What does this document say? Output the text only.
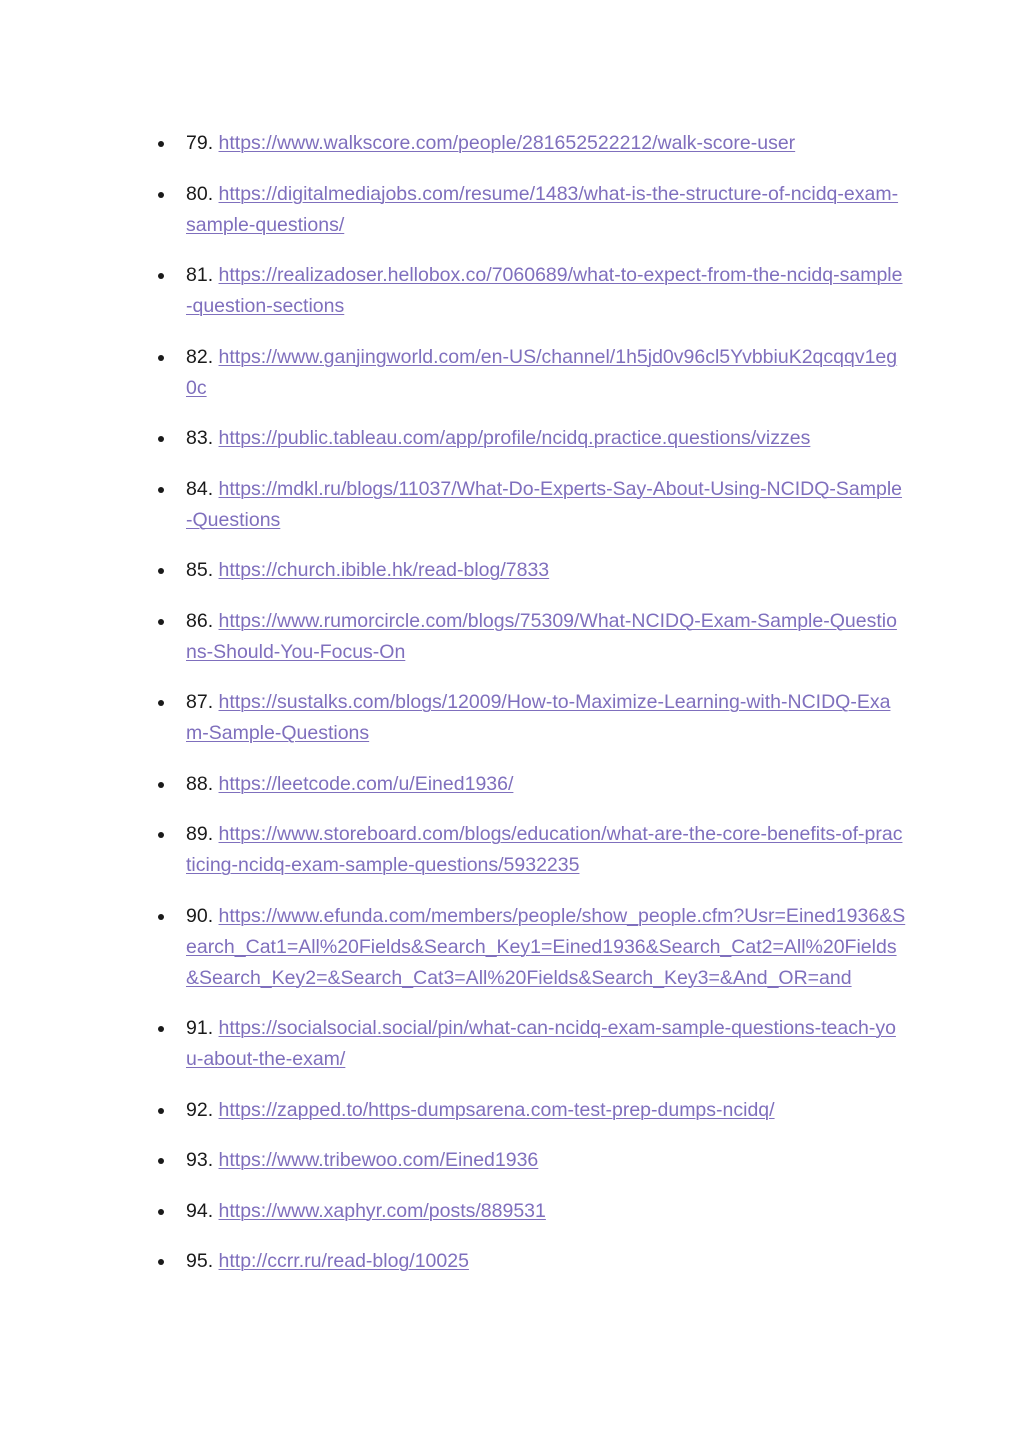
79. https://www.walkscore.com/people/281652522212/walk-score-user
80. https://digitalmediajobs.com/resume/1483/what-is-the-structure-of-ncidq-exam-sample-questions/
81. https://realizadoser.hellobox.co/7060689/what-to-expect-from-the-ncidq-sample-question-sections
82. https://www.ganjingworld.com/en-US/channel/1h5jd0v96cl5YvbbiuK2qcqqv1eg0c
83. https://public.tableau.com/app/profile/ncidq.practice.questions/vizzes
84. https://mdkl.ru/blogs/11037/What-Do-Experts-Say-About-Using-NCIDQ-Sample-Questions
85. https://church.ibible.hk/read-blog/7833
86. https://www.rumorcircle.com/blogs/75309/What-NCIDQ-Exam-Sample-Questions-Should-You-Focus-On
87. https://sustalks.com/blogs/12009/How-to-Maximize-Learning-with-NCIDQ-Exam-Sample-Questions
88. https://leetcode.com/u/Eined1936/
89. https://www.storeboard.com/blogs/education/what-are-the-core-benefits-of-practicing-ncidq-exam-sample-questions/5932235
90. https://www.efunda.com/members/people/show_people.cfm?Usr=Eined1936&Search_Cat1=All%20Fields&Search_Key1=Eined1936&Search_Cat2=All%20Fields&Search_Key2=&Search_Cat3=All%20Fields&Search_Key3=&And_OR=and
91. https://socialsocial.social/pin/what-can-ncidq-exam-sample-questions-teach-you-about-the-exam/
92. https://zapped.to/https-dumpsarena.com-test-prep-dumps-ncidq/
93. https://www.tribewoo.com/Eined1936
94. https://www.xaphyr.com/posts/889531
95. http://ccrr.ru/read-blog/10025
